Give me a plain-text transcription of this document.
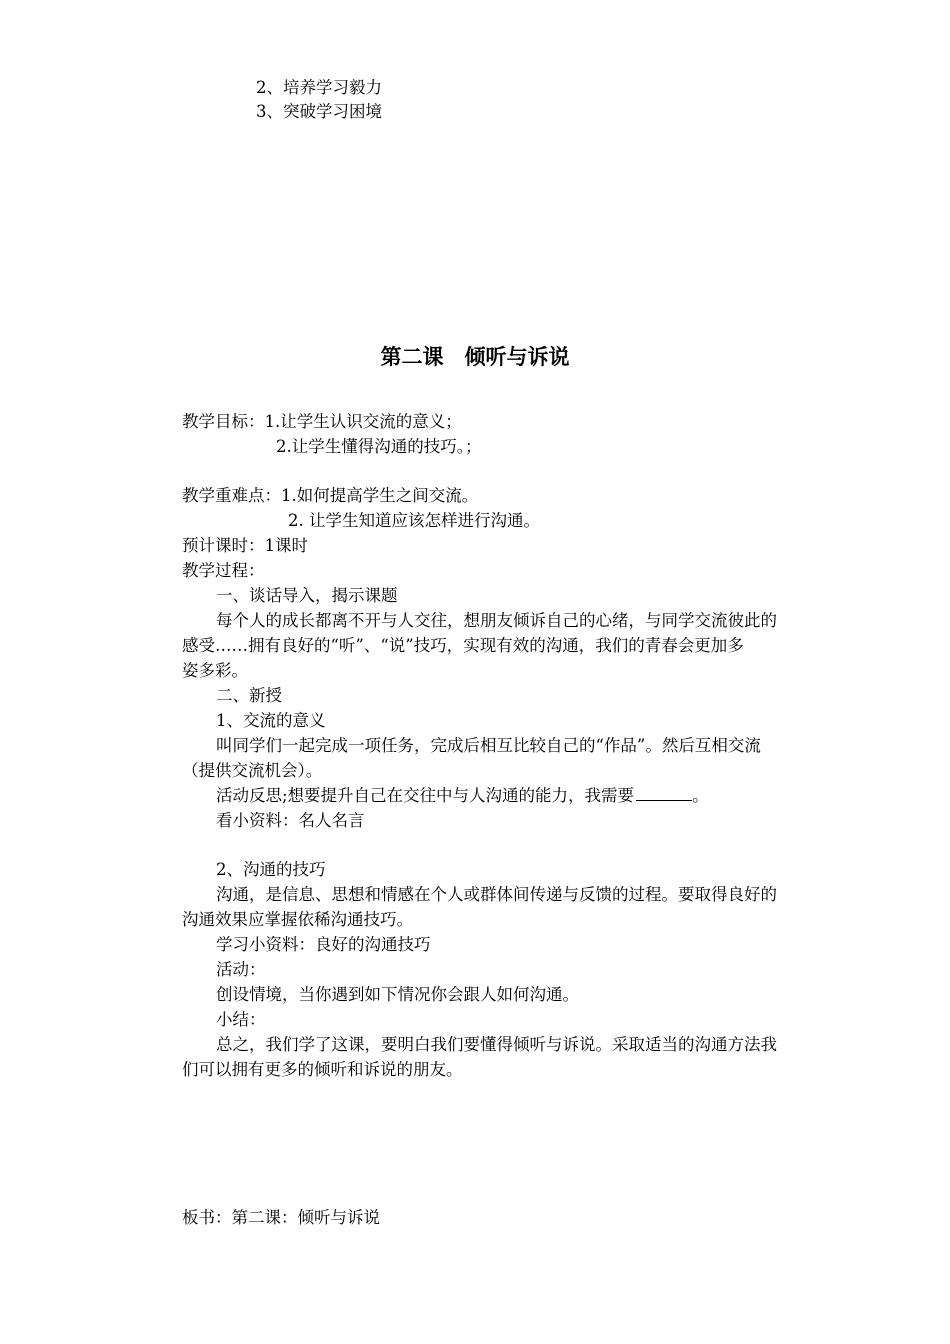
2、培养学习毅力
3、突破学习困境
第二课　倾听与诉说
教学目标：1.让学生认识交流的意义；
2.让学生懂得沟通的技巧。；
教学重难点：1.如何提高学生之间交流。
2. 让学生知道应该怎样进行沟通。
预计课时：1课时
教学过程：
一、谈话导入，揭示课题
每个人的成长都离不开与人交往，想朋友倾诉自己的心绪，与同学交流彼此的
感受……拥有良好的“听”、“说”技巧，实现有效的沟通，我们的青春会更加多
姿多彩。
二、新授
1、交流的意义
叫同学们一起完成一项任务，完成后相互比较自己的“作品”。然后互相交流
（提供交流机会）。
活动反思;想要提升自己在交往中与人沟通的能力，我需要	。
看小资料：名人名言
2、沟通的技巧
沟通，是信息、思想和情感在个人或群体间传递与反馈的过程。要取得良好的
沟通效果应掌握依稀沟通技巧。
学习小资料：良好的沟通技巧
活动：
创设情境，当你遇到如下情况你会跟人如何沟通。
小结：
总之，我们学了这课，要明白我们要懂得倾听与诉说。采取适当的沟通方法我
们可以拥有更多的倾听和诉说的朋友。
板书：第二课：倾听与诉说
